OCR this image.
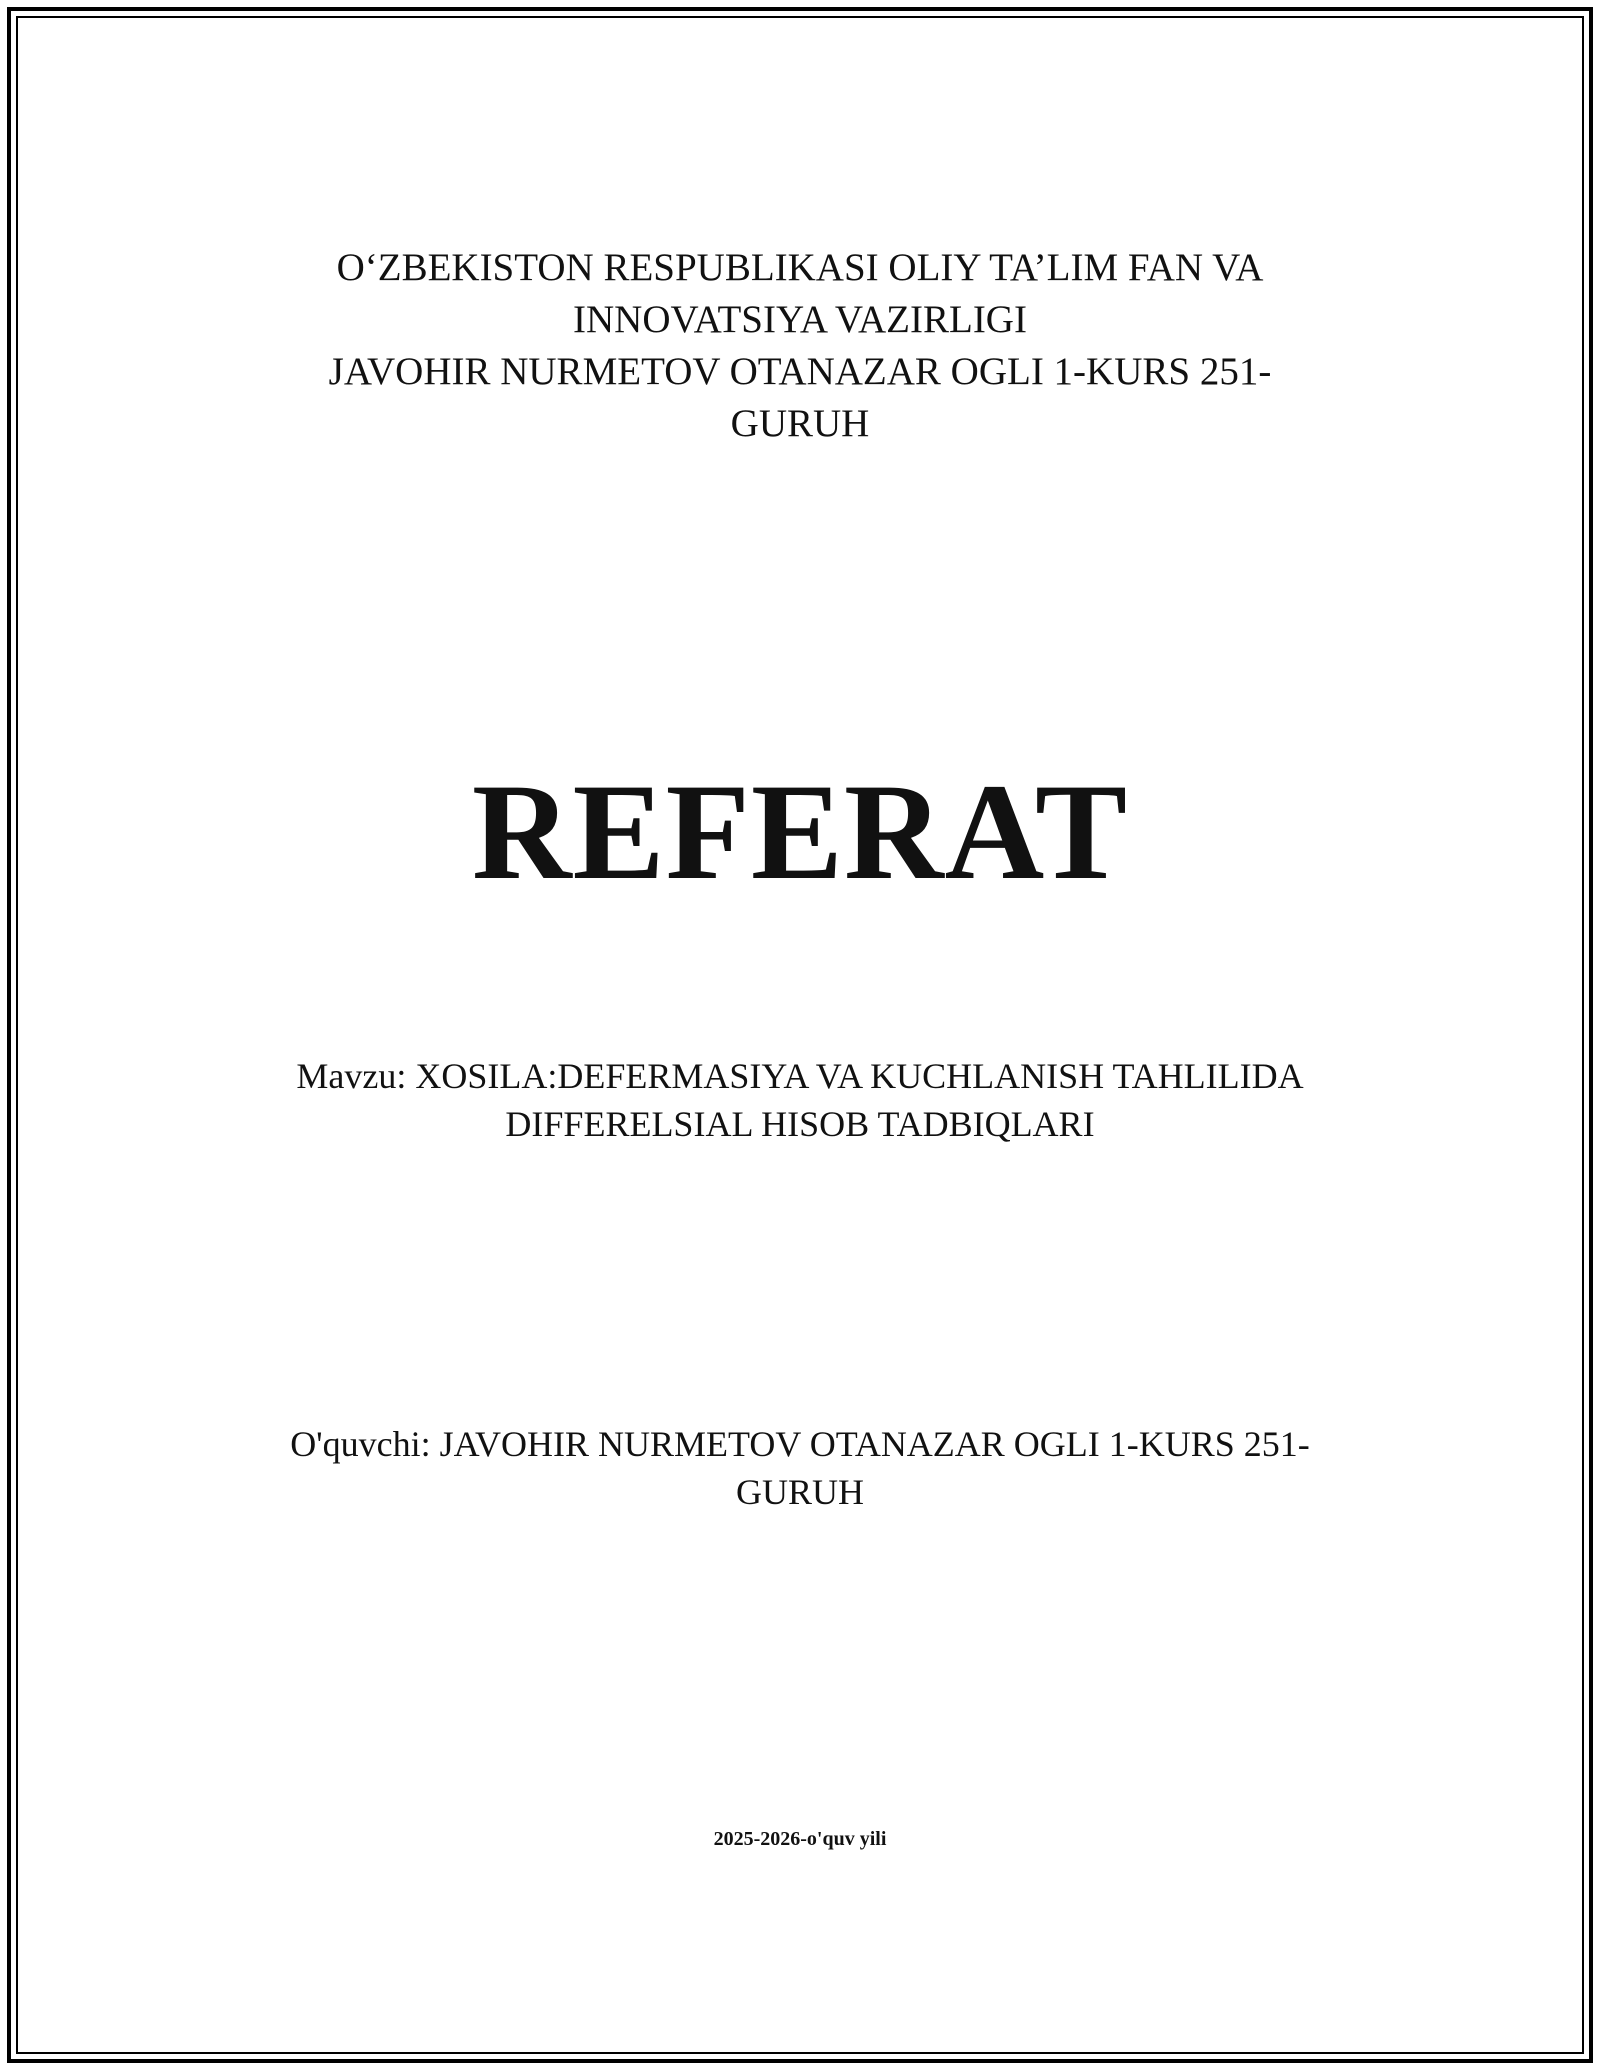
O‘ZBEKISTON RESPUBLIKASI OLIY TA’LIM FAN VA
INNOVATSIYA VAZIRLIGI
JAVOHIR NURMETOV OTANAZAR OGLI 1-KURS 251-
GURUH
REFERAT
Mavzu: XOSILA:DEFERMASIYA VA KUCHLANISH TAHLILIDA
DIFFERELSIAL HISOB TADBIQLARI
O'quvchi: JAVOHIR NURMETOV OTANAZAR OGLI 1-KURS 251-
GURUH
2025-2026-o'quv yili
